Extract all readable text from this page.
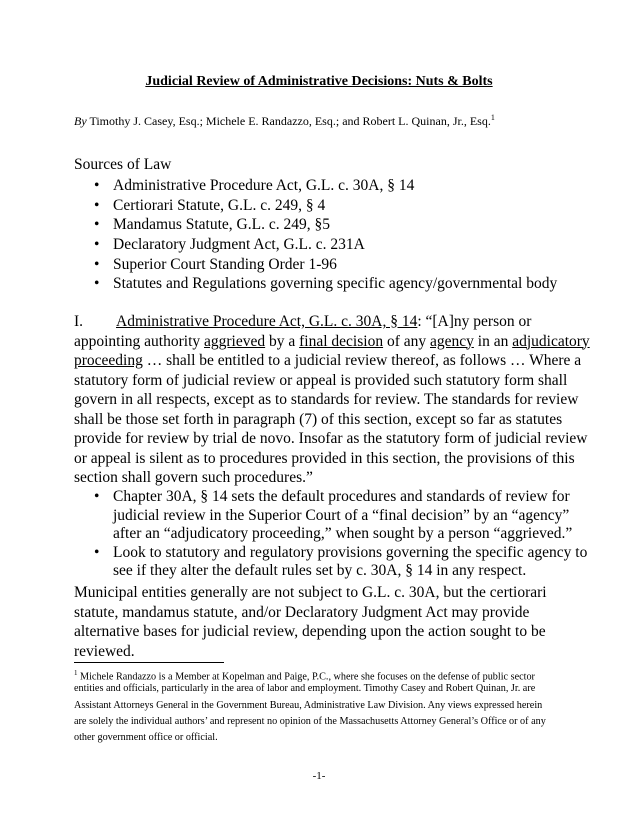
Judicial Review of Administrative Decisions: Nuts & Bolts
By Timothy J. Casey, Esq.; Michele E. Randazzo, Esq.; and Robert L. Quinan, Jr., Esq.$^1$
Sources of Law
• Administrative Procedure Act, G.L. c. 30A, § 14
• Certiorari Statute, G.L. c. 249, § 4
• Mandamus Statute, G.L. c. 249, §5
• Declaratory Judgment Act, G.L. c. 231A
• Superior Court Standing Order 1-96
• Statutes and Regulations governing specific agency/governmental body
I. Administrative Procedure Act, G.L. c. 30A, § 14: “[A]ny person or
appointing authority aggrieved by a final decision of any agency in an adjudicatory
proceeding … shall be entitled to a judicial review thereof, as follows … Where a
statutory form of judicial review or appeal is provided such statutory form shall
govern in all respects, except as to standards for review. The standards for review
shall be those set forth in paragraph (7) of this section, except so far as statutes
provide for review by trial de novo. Insofar as the statutory form of judicial review
or appeal is silent as to procedures provided in this section, the provisions of this
section shall govern such procedures.”
• Chapter 30A, § 14 sets the default procedures and standards of review for
judicial review in the Superior Court of a “final decision” by an “agency”
after an “adjudicatory proceeding,” when sought by a person “aggrieved.”
• Look to statutory and regulatory provisions governing the specific agency to
see if they alter the default rules set by c. 30A, § 14 in any respect.
Municipal entities generally are not subject to G.L. c. 30A, but the certiorari
statute, mandamus statute, and/or Declaratory Judgment Act may provide
alternative bases for judicial review, depending upon the action sought to be
reviewed.
$^1$ Michele Randazzo is a Member at Kopelman and Paige, P.C., where she focuses on the defense of public sector
entities and officials, particularly in the area of labor and employment. Timothy Casey and Robert Quinan, Jr. are
Assistant Attorneys General in the Government Bureau, Administrative Law Division. Any views expressed herein
are solely the individual authors’ and represent no opinion of the Massachusetts Attorney General’s Office or of any
other government office or official.
-1-
